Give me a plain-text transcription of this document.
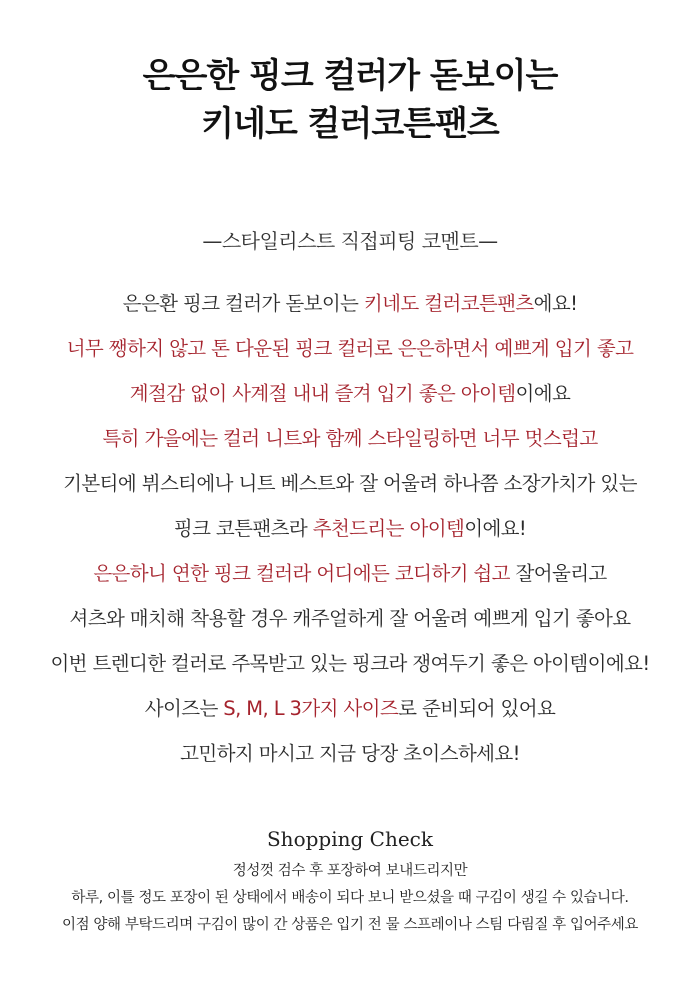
은은한 핑크 컬러가 돋보이는
키네도 컬러코튼팬츠
—스타일리스트 직접피팅 코멘트—
은은환 핑크 컬러가 돋보이는 키네도 컬러코튼팬츠에요!
너무 쨍하지 않고 톤 다운된 핑크 컬러로 은은하면서 예쁘게 입기 좋고
계절감 없이 사계절 내내 즐겨 입기 좋은 아이템이에요
특히 가을에는 컬러 니트와 함께 스타일링하면 너무 멋스럽고
기본티에 뷔스티에나 니트 베스트와 잘 어울려 하나쯤 소장가치가 있는
핑크 코튼팬츠라 추천드리는 아이템이에요!
은은하니 연한 핑크 컬러라 어디에든 코디하기 쉽고 잘어울리고
셔츠와 매치해 착용할 경우 캐주얼하게 잘 어울려 예쁘게 입기 좋아요
이번 트렌디한 컬러로 주목받고 있는 핑크라 쟁여두기 좋은 아이템이에요!
사이즈는 S, M, L 3가지 사이즈로 준비되어 있어요
고민하지 마시고 지금 당장 초이스하세요!
Shopping Check
정성껏 검수 후 포장하여 보내드리지만
하루, 이틀 정도 포장이 된 상태에서 배송이 되다 보니 받으셨을 때 구김이 생길 수 있습니다.
이점 양해 부탁드리며 구김이 많이 간 상품은 입기 전 물 스프레이나 스팀 다림질 후 입어주세요
